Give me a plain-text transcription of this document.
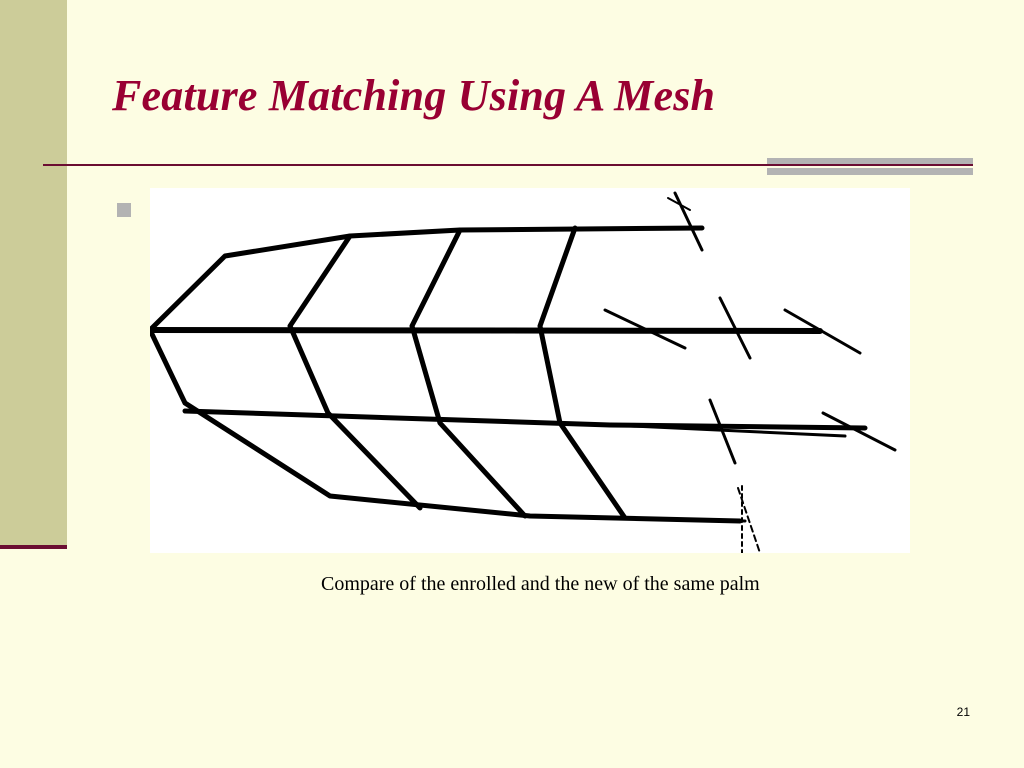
Feature Matching Using A Mesh
Compare of the enrolled and the new of the same palm
21
